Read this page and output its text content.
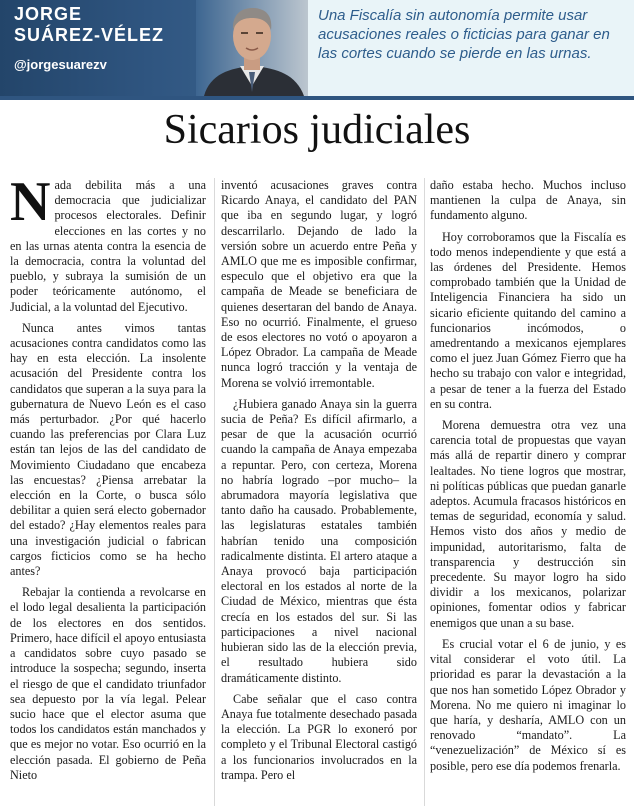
JORGE
SUÁREZ-VÉLEZ
@jorgesuarezv

Una Fiscalía sin autonomía permite usar acusaciones reales o ficticias para ganar en las cortes cuando se pierde en las urnas.

Sicarios judiciales

Nada debilita más a una democracia que judicializar procesos electorales. Definir elecciones en las cortes y no en las urnas atenta contra la esencia de la democracia, contra la voluntad del pueblo, y subraya la sumisión de un poder teóricamente autónomo, el Judicial, a la voluntad del Ejecutivo.

Nunca antes vimos tantas acusaciones contra candidatos como las hay en esta elección. La insolente acusación del Presidente contra los candidatos que superan a la suya para la gubernatura de Nuevo León es el caso más perturbador. ¿Por qué hacerlo cuando las preferencias por Clara Luz están tan lejos de las del candidato de Movimiento Ciudadano que encabeza las encuestas? ¿Piensa arrebatar la elección en la Corte, o busca sólo debilitar a quien será electo gobernador del estado? ¿Hay elementos reales para una investigación judicial o fabrican cargos ficticios como se ha hecho antes?

Rebajar la contienda a revolcarse en el lodo legal desalienta la participación de los electores en dos sentidos. Primero, hace difícil el apoyo entusiasta a candidatos sobre cuyo pasado se introduce la sospecha; segundo, inserta el riesgo de que el candidato triunfador sea depuesto por la vía legal. Pelear sucio hace que el elector asuma que todos los candidatos están manchados y que es mejor no votar. Eso ocurrió en la elección pasada. El gobierno de Peña Nieto

inventó acusaciones graves contra Ricardo Anaya, el candidato del PAN que iba en segundo lugar, y logró descarrilarlo. Dejando de lado la versión sobre un acuerdo entre Peña y AMLO que me es imposible confirmar, especulo que el objetivo era que la campaña de Meade se beneficiara de quienes desertaran del bando de Anaya. Eso no ocurrió. Finalmente, el grueso de esos electores no votó o apoyaron a López Obrador. La campaña de Meade nunca logró tracción y la ventaja de Morena se volvió irremontable.

¿Hubiera ganado Anaya sin la guerra sucia de Peña? Es difícil afirmarlo, a pesar de que la acusación ocurrió cuando la campaña de Anaya empezaba a repuntar. Pero, con certeza, Morena no habría logrado –por mucho– la abrumadora mayoría legislativa que tanto daño ha causado. Probablemente, las legislaturas estatales también habrían tenido una composición radicalmente distinta. El artero ataque a Anaya provocó baja participación electoral en los estados al norte de la Ciudad de México, mientras que ésta crecía en los estados del sur. Si las participaciones a nivel nacional hubieran sido las de la elección previa, el resultado hubiera sido dramáticamente distinto.

Cabe señalar que el caso contra Anaya fue totalmente desechado pasada la elección. La PGR lo exoneró por completo y el Tribunal Electoral castigó a los funcionarios involucrados en la trampa. Pero el

daño estaba hecho. Muchos incluso mantienen la culpa de Anaya, sin fundamento alguno.

Hoy corroboramos que la Fiscalía es todo menos independiente y que está a las órdenes del Presidente. Hemos comprobado también que la Unidad de Inteligencia Financiera ha sido un sicario eficiente quitando del camino a funcionarios incómodos, o amedrentando a mexicanos ejemplares como el juez Juan Gómez Fierro que ha hecho su trabajo con valor e integridad, a pesar de tener a la fuerza del Estado en su contra.

Morena demuestra otra vez una carencia total de propuestas que vayan más allá de repartir dinero y comprar lealtades. No tiene logros que mostrar, ni políticas públicas que puedan ganarle adeptos. Acumula fracasos históricos en temas de seguridad, economía y salud. Hemos visto dos años y medio de impunidad, autoritarismo, falta de transparencia y destrucción sin precedente. Su mayor logro ha sido dividir a los mexicanos, polarizar opiniones, fomentar odios y fabricar enemigos que unan a su base.

Es crucial votar el 6 de junio, y es vital considerar el voto útil. La prioridad es parar la devastación a la que nos han sometido López Obrador y Morena. No me quiero ni imaginar lo que haría, y desharía, AMLO con un renovado “mandato”. La “venezuelización” de México sí es posible, pero ese día podemos frenarla.
